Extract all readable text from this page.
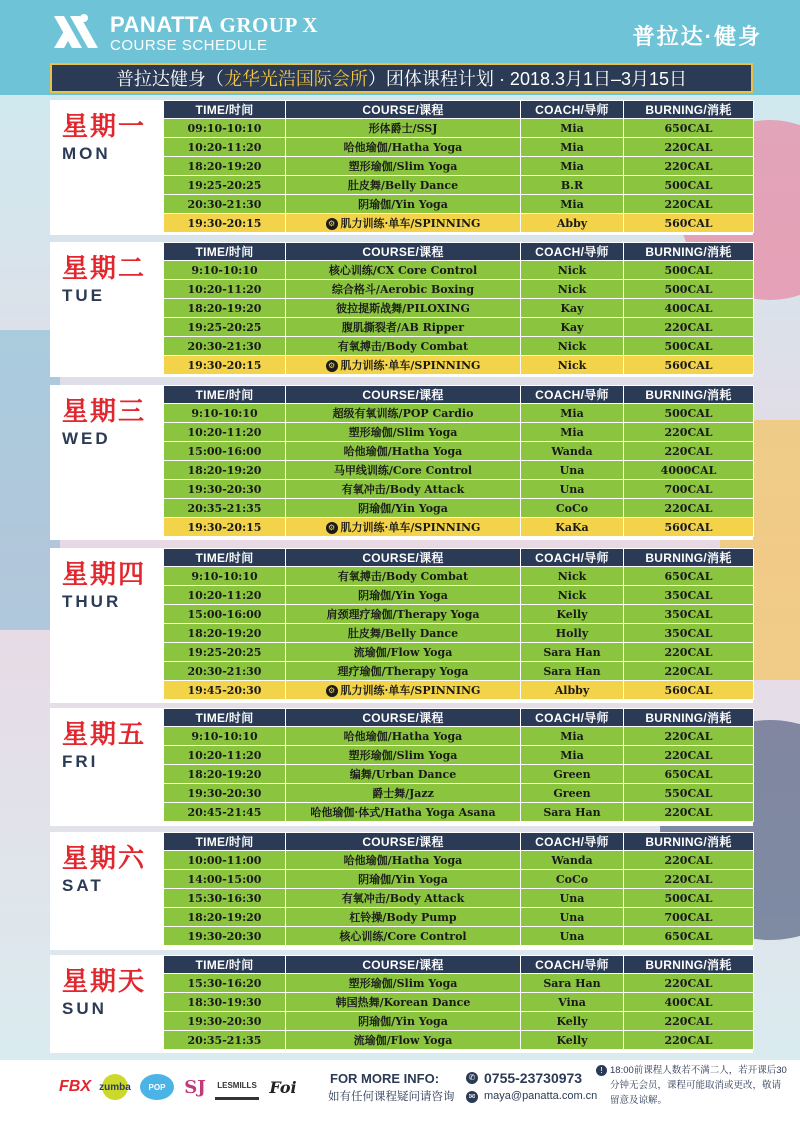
PANATTA GROUP X
COURSE SCHEDULE	普拉达·健身
普拉达健身（ 龙华光浩国际会所 ）团体课程计划 · 2018.3月1日–3月15日
星期一
MON
TIME/时间	COURSE/课程	COACH/导师	BURNING/消耗
09:10-10:10	形体爵士/SSJ	Mia	650CAL
10:20-11:20	哈他瑜伽/Hatha Yoga	Mia	220CAL
18:20-19:20	塑形瑜伽/Slim Yoga	Mia	220CAL
19:25-20:25	肚皮舞/Belly Dance	B.R	500CAL
20:30-21:30	阴瑜伽/Yin Yoga	Mia	220CAL
19:30-20:15	⚙ 肌力训练·单车/SPINNING	Abby	560CAL
星期二
TUE
TIME/时间	COURSE/课程	COACH/导师	BURNING/消耗
9:10-10:10	核心训练/CX Core Control	Nick	500CAL
10:20-11:20	综合格斗/Aerobic Boxing	Nick	500CAL
18:20-19:20	彼拉提斯战舞/PILOXING	Kay	400CAL
19:25-20:25	腹肌撕裂者/AB Ripper	Kay	220CAL
20:30-21:30	有氧搏击/Body Combat	Nick	500CAL
19:30-20:15	⚙ 肌力训练·单车/SPINNING	Nick	560CAL
星期三
WED
TIME/时间	COURSE/课程	COACH/导师	BURNING/消耗
9:10-10:10	超级有氧训练/POP Cardio	Mia	500CAL
10:20-11:20	塑形瑜伽/Slim Yoga	Mia	220CAL
15:00-16:00	哈他瑜伽/Hatha Yoga	Wanda	220CAL
18:20-19:20	马甲线训练/Core Control	Una	4000CAL
19:30-20:30	有氧冲击/Body Attack	Una	700CAL
20:35-21:35	阴瑜伽/Yin Yoga	CoCo	220CAL
19:30-20:15	⚙ 肌力训练·单车/SPINNING	KaKa	560CAL
星期四
THUR
TIME/时间	COURSE/课程	COACH/导师	BURNING/消耗
9:10-10:10	有氧搏击/Body Combat	Nick	650CAL
10:20-11:20	阴瑜伽/Yin Yoga	Nick	350CAL
15:00-16:00	肩颈理疗瑜伽/Therapy Yoga	Kelly	350CAL
18:20-19:20	肚皮舞/Belly Dance	Holly	350CAL
19:25-20:25	流瑜伽/Flow Yoga	Sara Han	220CAL
20:30-21:30	理疗瑜伽/Therapy Yoga	Sara Han	220CAL
19:45-20:30	⚙ 肌力训练·单车/SPINNING	Albby	560CAL
星期五
FRI
TIME/时间	COURSE/课程	COACH/导师	BURNING/消耗
9:10-10:10	哈他瑜伽/Hatha Yoga	Mia	220CAL
10:20-11:20	塑形瑜伽/Slim Yoga	Mia	220CAL
18:20-19:20	编舞/Urban Dance	Green	650CAL
19:30-20:30	爵士舞/Jazz	Green	550CAL
20:45-21:45	哈他瑜伽·体式/Hatha Yoga Asana	Sara Han	220CAL
星期六
SAT
TIME/时间	COURSE/课程	COACH/导师	BURNING/消耗
10:00-11:00	哈他瑜伽/Hatha Yoga	Wanda	220CAL
14:00-15:00	阴瑜伽/Yin Yoga	CoCo	220CAL
15:30-16:30	有氧冲击/Body Attack	Una	500CAL
18:20-19:20	杠铃操/Body Pump	Una	700CAL
19:30-20:30	核心训练/Core Control	Una	650CAL
星期天
SUN
TIME/时间	COURSE/课程	COACH/导师	BURNING/消耗
15:30-16:20	塑形瑜伽/Slim Yoga	Sara Han	220CAL
18:30-19:30	韩国热舞/Korean Dance	Vina	400CAL
19:30-20:30	阴瑜伽/Yin Yoga	Kelly	220CAL
20:35-21:35	流瑜伽/Flow Yoga	Kelly	220CAL
FBX zumba POP SJ LESMILLS Foi	FOR MORE INFO:
如有任何课程疑问请咨询
✆ 0755-23730973
✉ maya@panatta.com.cn
! 18:00前课程人数若不满二人，若开课后30分钟无会员，课程可能取消或更改，敬请留意及谅解。
